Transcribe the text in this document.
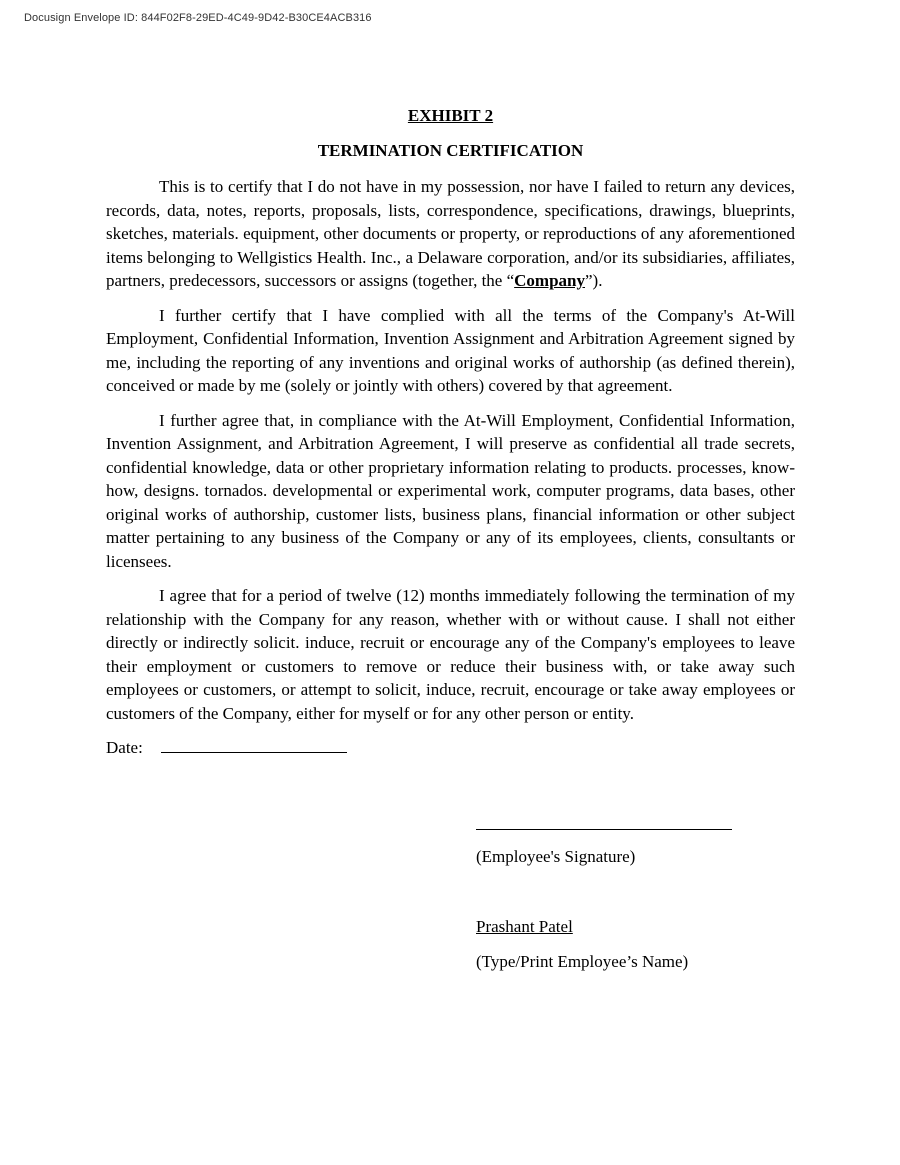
Docusign Envelope ID: 844F02F8-29ED-4C49-9D42-B30CE4ACB316
EXHIBIT 2
TERMINATION CERTIFICATION

This is to certify that I do not have in my possession, nor have I failed to return any devices, records, data, notes, reports, proposals, lists, correspondence, specifications, drawings, blueprints, sketches, materials. equipment, other documents or property, or reproductions of any aforementioned items belonging to Wellgistics Health. Inc., a Delaware corporation, and/or its subsidiaries, affiliates, partners, predecessors, successors or assigns (together, the “Company”).

I further certify that I have complied with all the terms of the Company's At-Will Employment, Confidential Information, Invention Assignment and Arbitration Agreement signed by me, including the reporting of any inventions and original works of authorship (as defined therein), conceived or made by me (solely or jointly with others) covered by that agreement.

I further agree that, in compliance with the At-Will Employment, Confidential Information, Invention Assignment, and Arbitration Agreement, I will preserve as confidential all trade secrets, confidential knowledge, data or other proprietary information relating to products. processes, know-how, designs. tornados. developmental or experimental work, computer programs, data bases, other original works of authorship, customer lists, business plans, financial information or other subject matter pertaining to any business of the Company or any of its employees, clients, consultants or licensees.

I agree that for a period of twelve (12) months immediately following the termination of my relationship with the Company for any reason, whether with or without cause. I shall not either directly or indirectly solicit. induce, recruit or encourage any of the Company's employees to leave their employment or customers to remove or reduce their business with, or take away such employees or customers, or attempt to solicit, induce, recruit, encourage or take away employees or customers of the Company, either for myself or for any other person or entity.

Date:
(Employee's Signature)
Prashant Patel
(Type/Print Employee’s Name)
